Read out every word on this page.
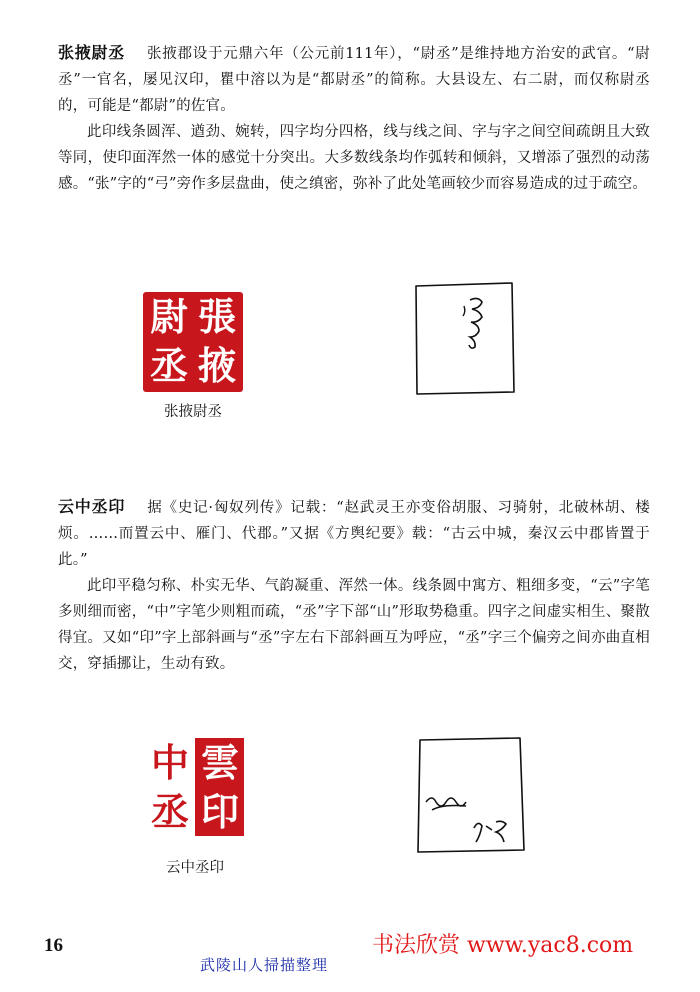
张掖尉丞 张掖郡设于元鼎六年（公元前111年），“尉丞”是维持地方治安的武官。“尉丞”一官名，屡见汉印，瞿中溶以为是“都尉丞”的简称。大县设左、右二尉，而仅称尉丞的，可能是“都尉”的佐官。

此印线条圆浑、遒劲、婉转，四字均分四格，线与线之间、字与字之间空间疏朗且大致等同，使印面浑然一体的感觉十分突出。大多数线条均作弧转和倾斜，又增添了强烈的动荡感。“张”字的“弓”旁作多层盘曲，使之缜密，弥补了此处笔画较少而容易造成的过于疏空。

張
掖
尉
丞
张掖尉丞

云中丞印 据《史记·匈奴列传》记载：“赵武灵王亦变俗胡服、习骑射，北破林胡、楼烦。……而置云中、雁门、代郡。”又据《方舆纪要》载：“古云中城，秦汉云中郡皆置于此。”

此印平稳匀称、朴实无华、气韵凝重、浑然一体。线条圆中寓方、粗细多变，“云”字笔多则细而密，“中”字笔少则粗而疏，“丞”字下部“山”形取势稳重。四字之间虚实相生、聚散得宜。又如“印”字上部斜画与“丞”字左右下部斜画互为呼应，“丞”字三个偏旁之间亦曲直相交，穿插挪让，生动有致。

雲
中
丞 印
云中丞印
16	书法欣赏 www.yac8.com
武陵山人掃描整理
